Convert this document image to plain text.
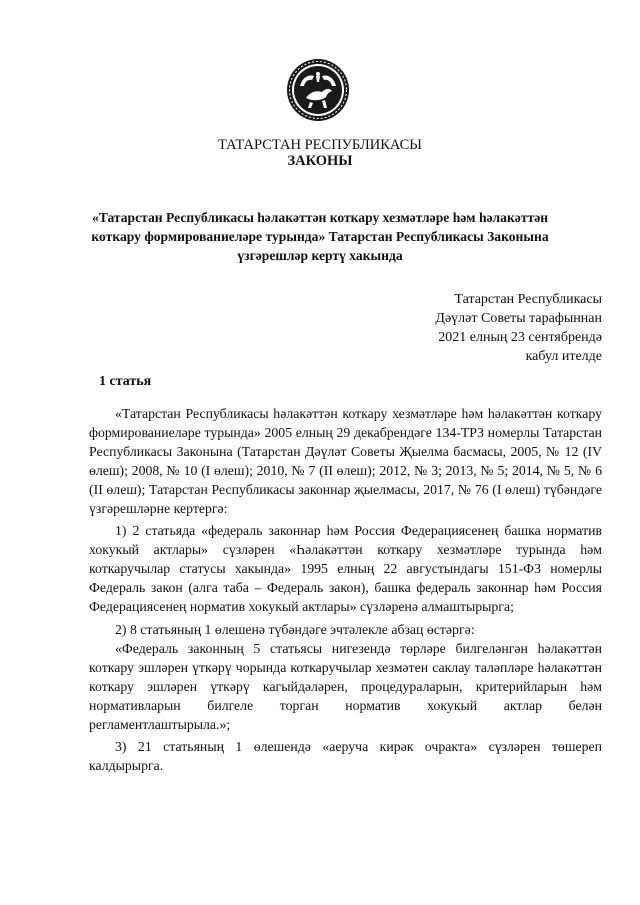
ТАТАРСТАН РЕСПУБЛИКАСЫ
ЗАКОНЫ
«Татарстан Республикасы һәлакәттән коткару хезмәтләре һәм һәлакәттән
коткару формированиеләре турында» Татарстан Республикасы Законына
үзгәрешләр кертү хакында
Татарстан Республикасы
Дәүләт Советы тарафыннан
2021 елның 23 сентябрендә
кабул ителде
1 статья
«Татарстан Республикасы һәлакәттән коткару хезмәтләре һәм һәлакәттән коткару формированиеләре турында» 2005 елның 29 декабрендәге 134-ТРЗ номерлы Татарстан Республикасы Законына (Татарстан Дәүләт Советы Җыелма басмасы, 2005, № 12 (IV өлеш); 2008, № 10 (I өлеш); 2010, № 7 (II өлеш); 2012, № 3; 2013, № 5; 2014, № 5, № 6 (II өлеш); Татарстан Республикасы законнар җыелмасы, 2017, № 76 (I өлеш) түбәндәге үзгәрешләрне кертергә:
1) 2 статьяда «федераль законнар һәм Россия Федерациясенең башка норматив хокукый актлары» сүзләрен «Һәлакәттән коткару хезмәтләре турында һәм коткаручылар статусы хакында» 1995 елның 22 августындагы 151-ФЗ номерлы Федераль закон (алга таба – Федераль закон), башка федераль законнар һәм Россия Федерациясенең норматив хокукый актлары» сүзләренә алмаштырырга;
2) 8 статьяның 1 өлешенә түбәндәге эчтәлекле абзац өстәргә:
«Федераль законның 5 статьясы нигезендә төрләре билгеләнгән һәлакәттән коткару эшләрен үткәрү чорында коткаручылар хезмәтен саклау таләпләре һәлакәттән коткару эшләрен үткәрү кагыйдәләрен, процедураларын, критерийларын һәм нормативларын билгеле торган норматив хокукый актлар белән регламентлаштырыла.»;
3) 21 статьяның 1 өлешендә «аеруча кирәк очракта» сүзләрен төшереп калдырырга.
